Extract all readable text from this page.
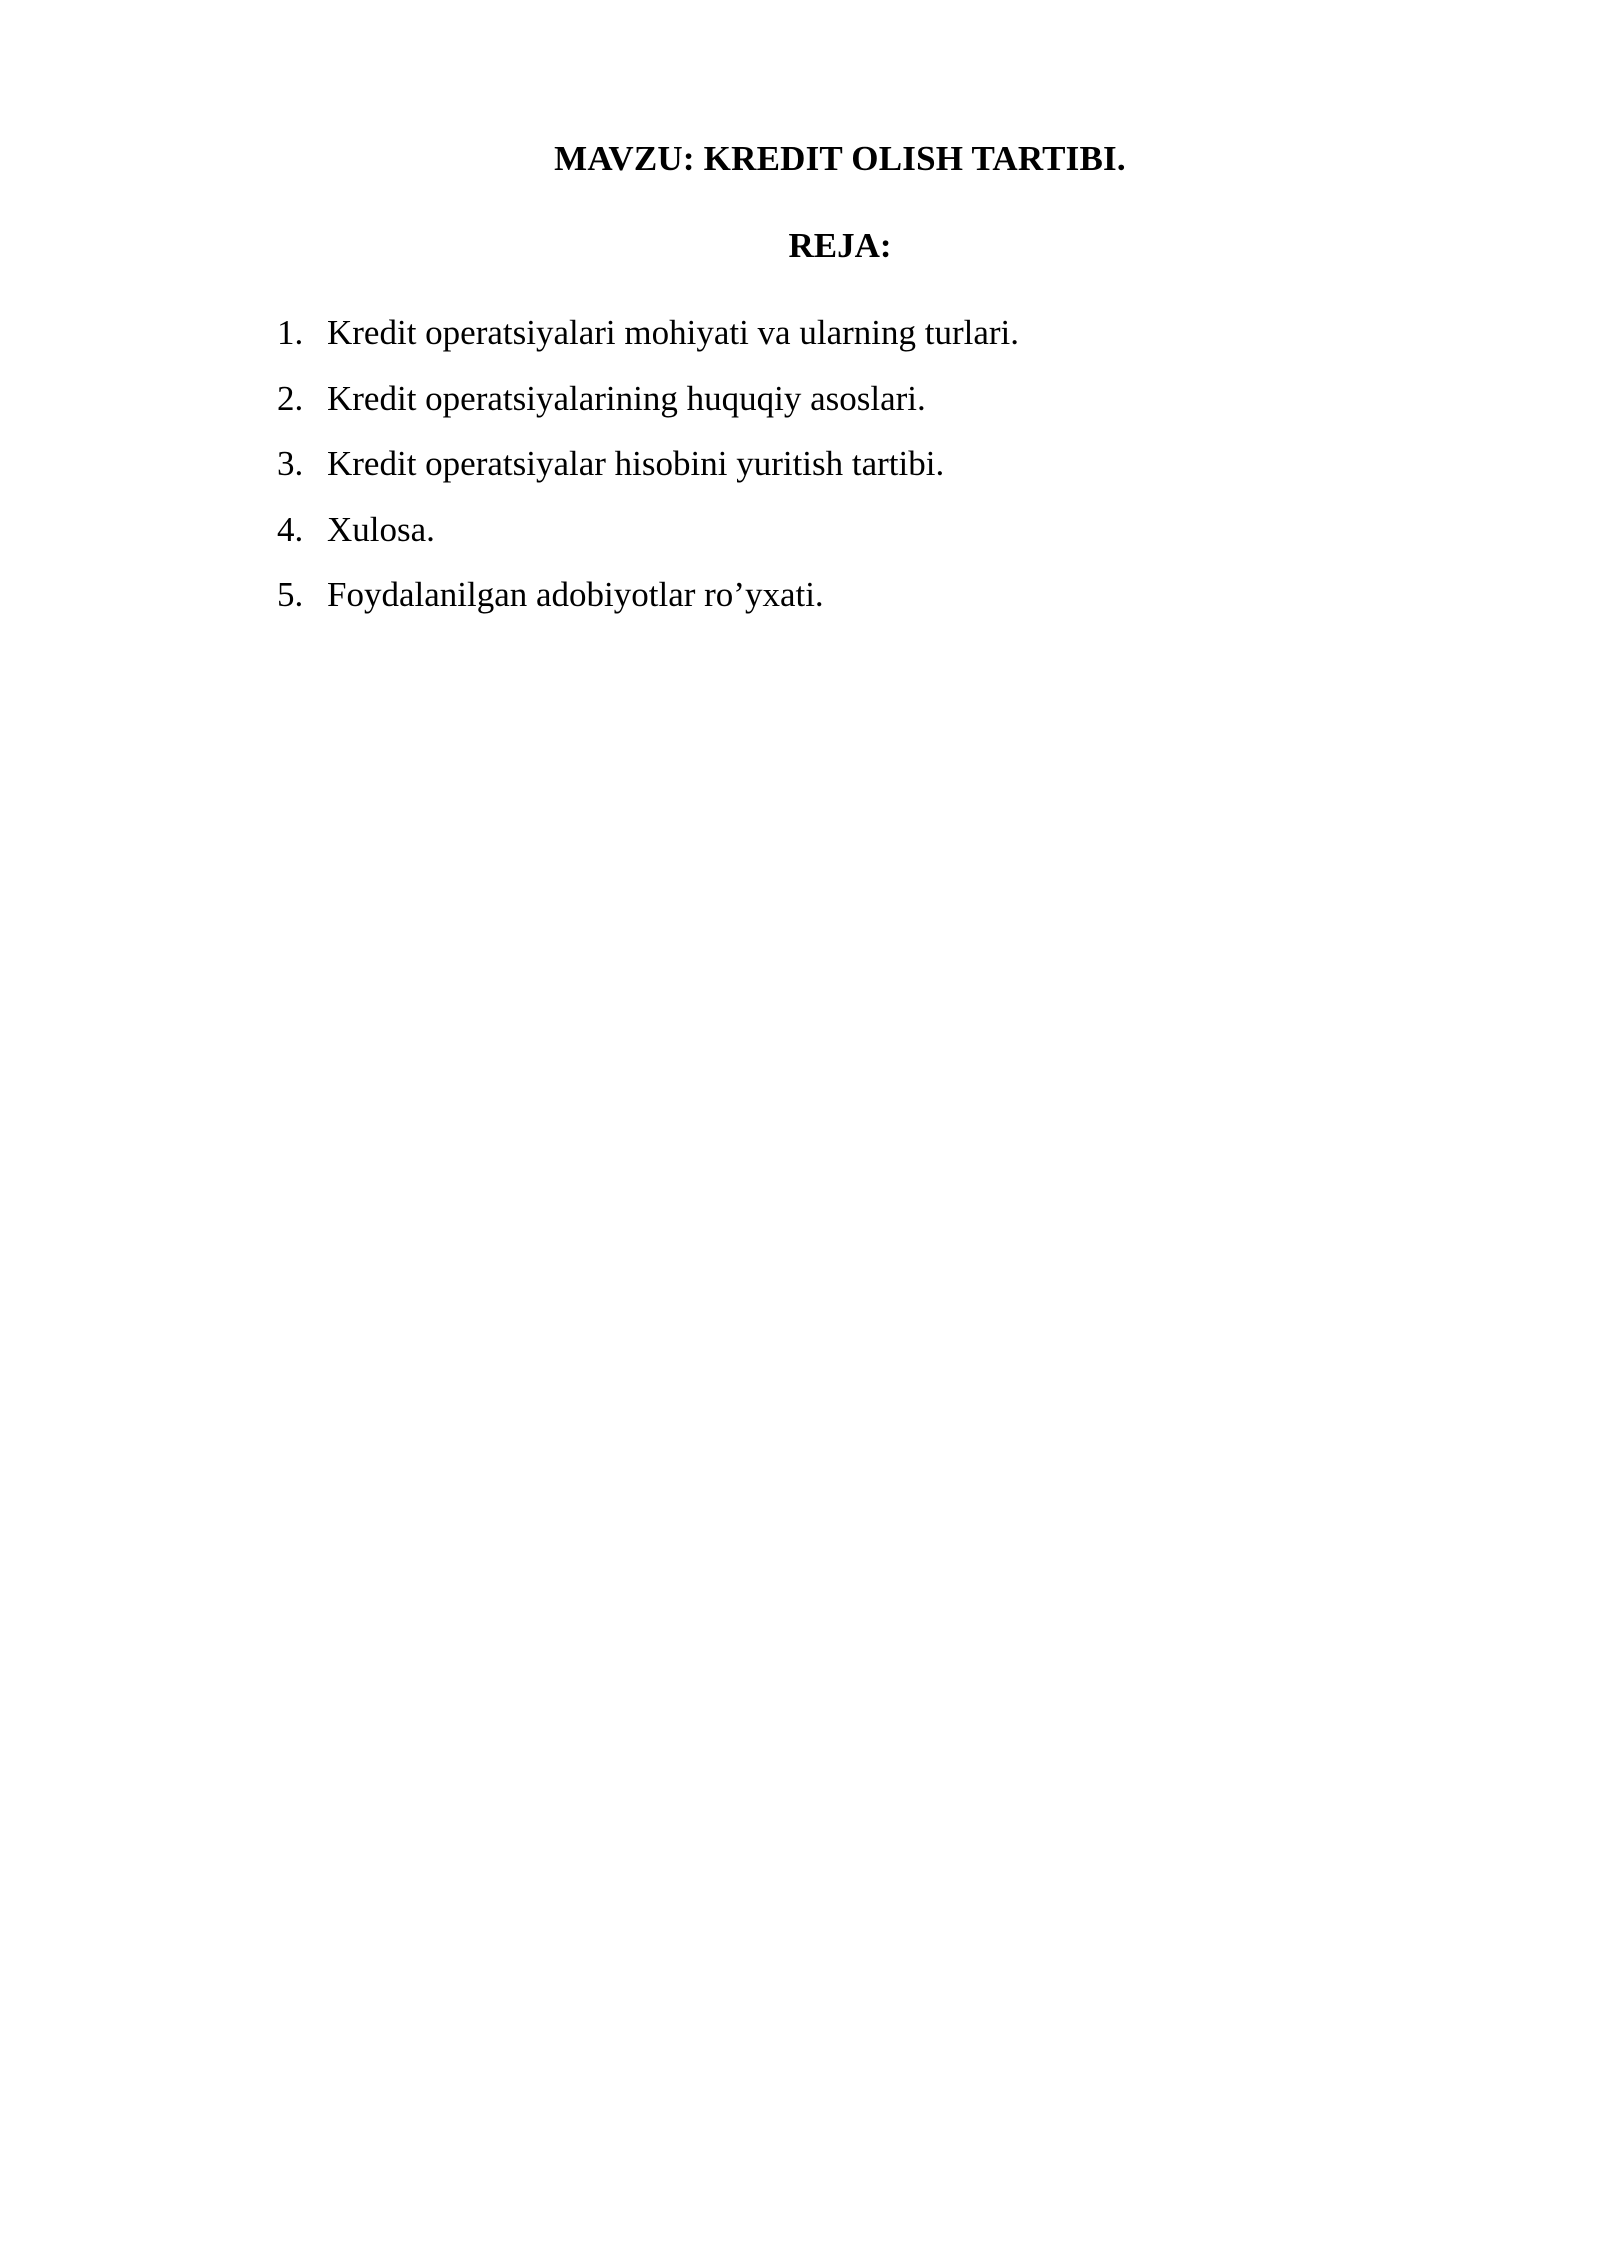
MAVZU: KREDIT OLISH TARTIBI.
REJA:
1. Kredit operatsiyalari mohiyati va ularning turlari.
2. Kredit operatsiyalarining huquqiy asoslari.
3. Kredit operatsiyalar hisobini yuritish tartibi.
4. Xulosa.
5. Foydalanilgan adobiyotlar ro’yxati.
